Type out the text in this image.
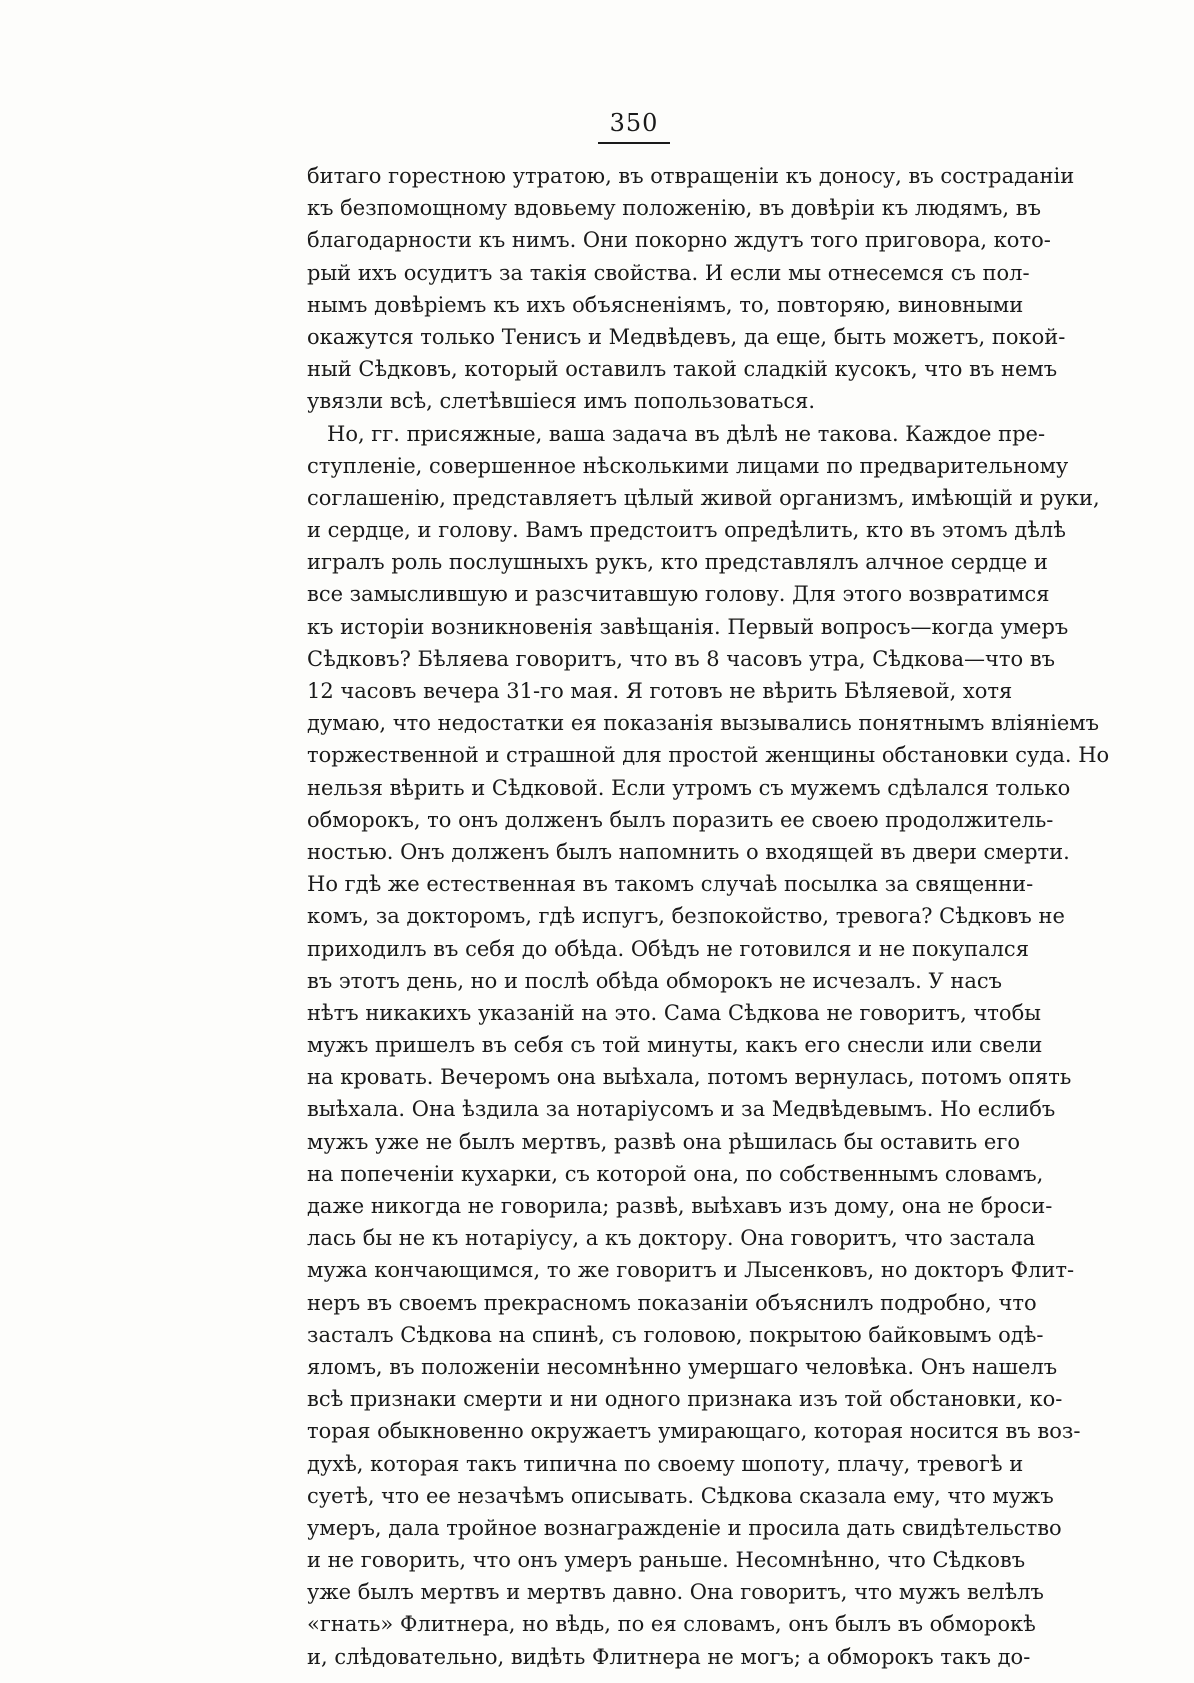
350
битаго горестною утратою, въ отвращеніи къ доносу, въ состраданіи
къ безпомощному вдовьему положенію, въ довѣріи къ людямъ, въ
благодарности къ нимъ. Они покорно ждутъ того приговора, кото-
рый ихъ осудитъ за такія свойства. И если мы отнесемся съ пол-
нымъ довѣріемъ къ ихъ объясненіямъ, то, повторяю, виновными
окажутся только Тенисъ и Медвѣдевъ, да еще, быть можетъ, покой-
ный Сѣдковъ, который оставилъ такой сладкій кусокъ, что въ немъ
увязли всѣ, слетѣвшіеся имъ попользоваться.
Но, гг. присяжные, ваша задача въ дѣлѣ не такова. Каждое пре-
ступленіе, совершенное нѣсколькими лицами по предварительному
соглашенію, представляетъ цѣлый живой организмъ, имѣющій и руки,
и сердце, и голову. Вамъ предстоитъ опредѣлить, кто въ этомъ дѣлѣ
игралъ роль послушныхъ рукъ, кто представлялъ алчное сердце и
все замыслившую и разсчитавшую голову. Для этого возвратимся
къ исторіи возникновенія завѣщанія. Первый вопросъ—когда умеръ
Сѣдковъ? Бѣляева говоритъ, что въ 8 часовъ утра, Сѣдкова—что въ
12 часовъ вечера 31-го мая. Я готовъ не вѣрить Бѣляевой, хотя
думаю, что недостатки ея показанія вызывались понятнымъ вліяніемъ
торжественной и страшной для простой женщины обстановки суда. Но
нельзя вѣрить и Сѣдковой. Если утромъ съ мужемъ сдѣлался только
обморокъ, то онъ долженъ былъ поразить ее своею продолжитель-
ностью. Онъ долженъ былъ напомнить о входящей въ двери смерти.
Но гдѣ же естественная въ такомъ случаѣ посылка за священни-
комъ, за докторомъ, гдѣ испугъ, безпокойство, тревога? Сѣдковъ не
приходилъ въ себя до обѣда. Обѣдъ не готовился и не покупался
въ этотъ день, но и послѣ обѣда обморокъ не исчезалъ. У насъ
нѣтъ никакихъ указаній на это. Сама Сѣдкова не говоритъ, чтобы
мужъ пришелъ въ себя съ той минуты, какъ его снесли или свели
на кровать. Вечеромъ она выѣхала, потомъ вернулась, потомъ опять
выѣхала. Она ѣздила за нотаріусомъ и за Медвѣдевымъ. Но еслибъ
мужъ уже не былъ мертвъ, развѣ она рѣшилась бы оставить его
на попеченіи кухарки, съ которой она, по собственнымъ словамъ,
даже никогда не говорила; развѣ, выѣхавъ изъ дому, она не броси-
лась бы не къ нотаріусу, а къ доктору. Она говоритъ, что застала
мужа кончающимся, то же говоритъ и Лысенковъ, но докторъ Флит-
неръ въ своемъ прекрасномъ показаніи объяснилъ подробно, что
засталъ Сѣдкова на спинѣ, съ головою, покрытою байковымъ одѣ-
яломъ, въ положеніи несомнѣнно умершаго человѣка. Онъ нашелъ
всѣ признаки смерти и ни одного признака изъ той обстановки, ко-
торая обыкновенно окружаетъ умирающаго, которая носится въ воз-
духѣ, которая такъ типична по своему шопоту, плачу, тревогѣ и
суетѣ, что ее незачѣмъ описывать. Сѣдкова сказала ему, что мужъ
умеръ, дала тройное вознагражденіе и просила дать свидѣтельство
и не говорить, что онъ умеръ раньше. Несомнѣнно, что Сѣдковъ
уже былъ мертвъ и мертвъ давно. Она говоритъ, что мужъ велѣлъ
«гнать» Флитнера, но вѣдь, по ея словамъ, онъ былъ въ обморокѣ
и, слѣдовательно, видѣть Флитнера не могъ; а обморокъ такъ до-
